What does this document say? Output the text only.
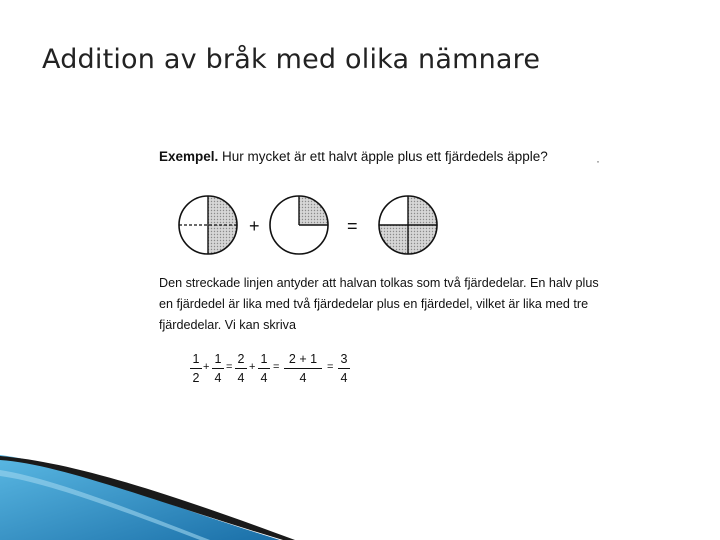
Addition av bråk med olika nämnare
Exempel. Hur mycket är ett halvt äpple plus ett fjärdedels äpple?	·
+	=
Den streckade linjen antyder att halvan tolkas som två fjärdedelar. En halv plus
en fjärdedel är lika med två fjärdedelar plus en fjärdedel, vilket är lika med tre
fjärdedelar. Vi kan skriva
1
2
+
1
4
=
2
4
+
1
4
=
2 + 1
4
=
3
4
